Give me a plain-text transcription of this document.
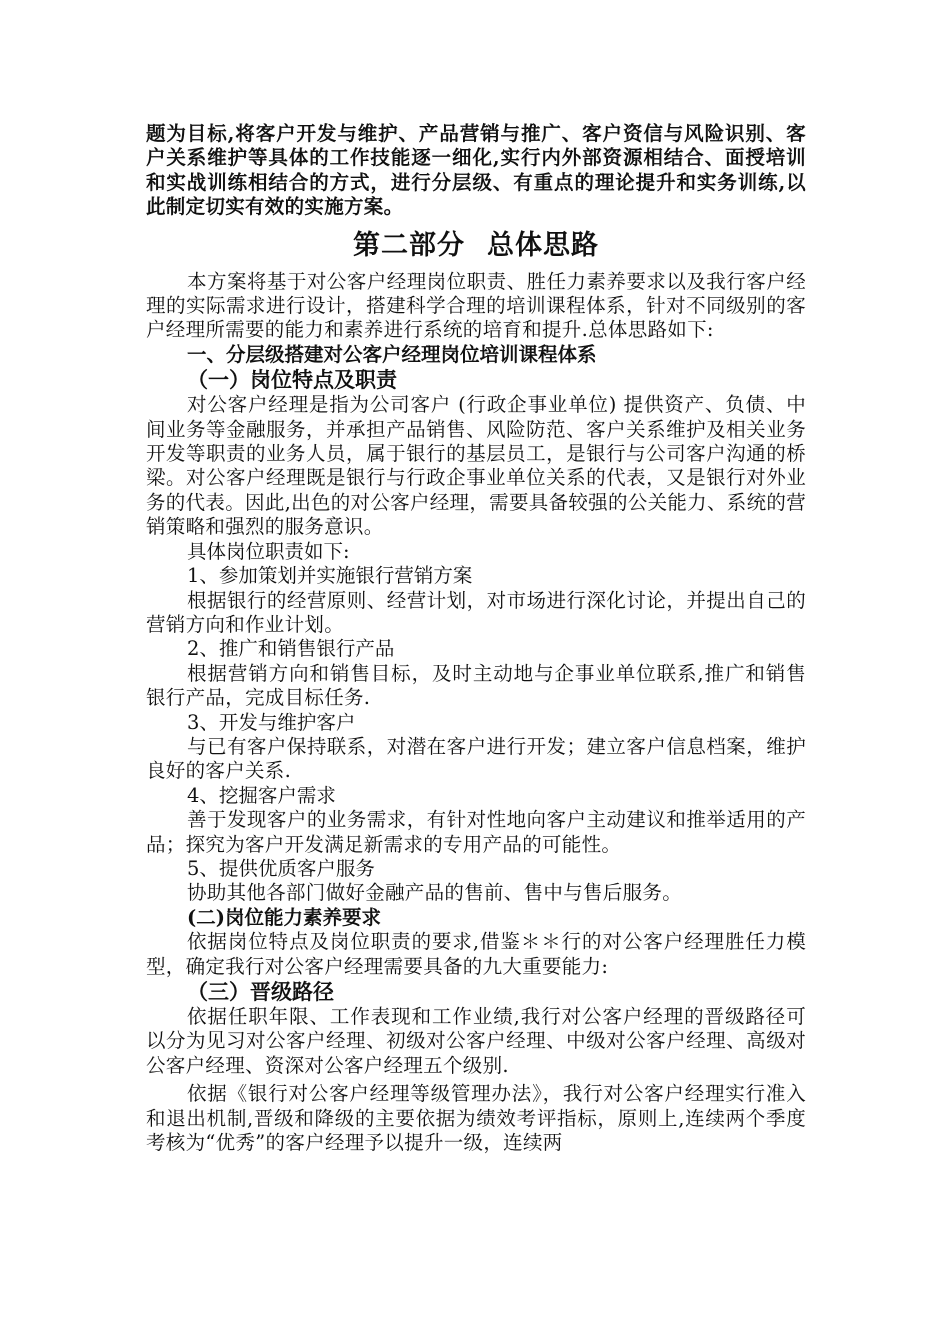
题为目标,将客户开发与维护、产品营销与推广、客户资信与风险识别、客户关系维护等具体的工作技能逐一细化,实行内外部资源相结合、面授培训和实战训练相结合的方式，进行分层级、有重点的理论提升和实务训练,以此制定切实有效的实施方案。

第二部分 总体思路

本方案将基于对公客户经理岗位职责、胜任力素养要求以及我行客户经理的实际需求进行设计，搭建科学合理的培训课程体系，针对不同级别的客户经理所需要的能力和素养进行系统的培育和提升.总体思路如下:

一、分层级搭建对公客户经理岗位培训课程体系

（一）岗位特点及职责

对公客户经理是指为公司客户 (行政企事业单位) 提供资产、负债、中间业务等金融服务，并承担产品销售、风险防范、客户关系维护及相关业务开发等职责的业务人员，属于银行的基层员工，是银行与公司客户沟通的桥梁。对公客户经理既是银行与行政企事业单位关系的代表，又是银行对外业务的代表。因此,出色的对公客户经理，需要具备较强的公关能力、系统的营销策略和强烈的服务意识。

具体岗位职责如下:

1、参加策划并实施银行营销方案

根据银行的经营原则、经营计划，对市场进行深化讨论，并提出自己的营销方向和作业计划。

2、推广和销售银行产品

根据营销方向和销售目标，及时主动地与企事业单位联系,推广和销售银行产品，完成目标任务.

3、开发与维护客户

与已有客户保持联系，对潜在客户进行开发；建立客户信息档案，维护良好的客户关系.

4、挖掘客户需求

善于发现客户的业务需求，有针对性地向客户主动建议和推举适用的产品；探究为客户开发满足新需求的专用产品的可能性。

5、提供优质客户服务

协助其他各部门做好金融产品的售前、售中与售后服务。

(二)岗位能力素养要求

依据岗位特点及岗位职责的要求,借鉴＊＊行的对公客户经理胜任力模型，确定我行对公客户经理需要具备的九大重要能力:

（三）晋级路径

依据任职年限、工作表现和工作业绩,我行对公客户经理的晋级路径可以分为见习对公客户经理、初级对公客户经理、中级对公客户经理、高级对公客户经理、资深对公客户经理五个级别.

依据《银行对公客户经理等级管理办法》，我行对公客户经理实行准入和退出机制,晋级和降级的主要依据为绩效考评指标，原则上,连续两个季度考核为“优秀”的客户经理予以提升一级，连续两
